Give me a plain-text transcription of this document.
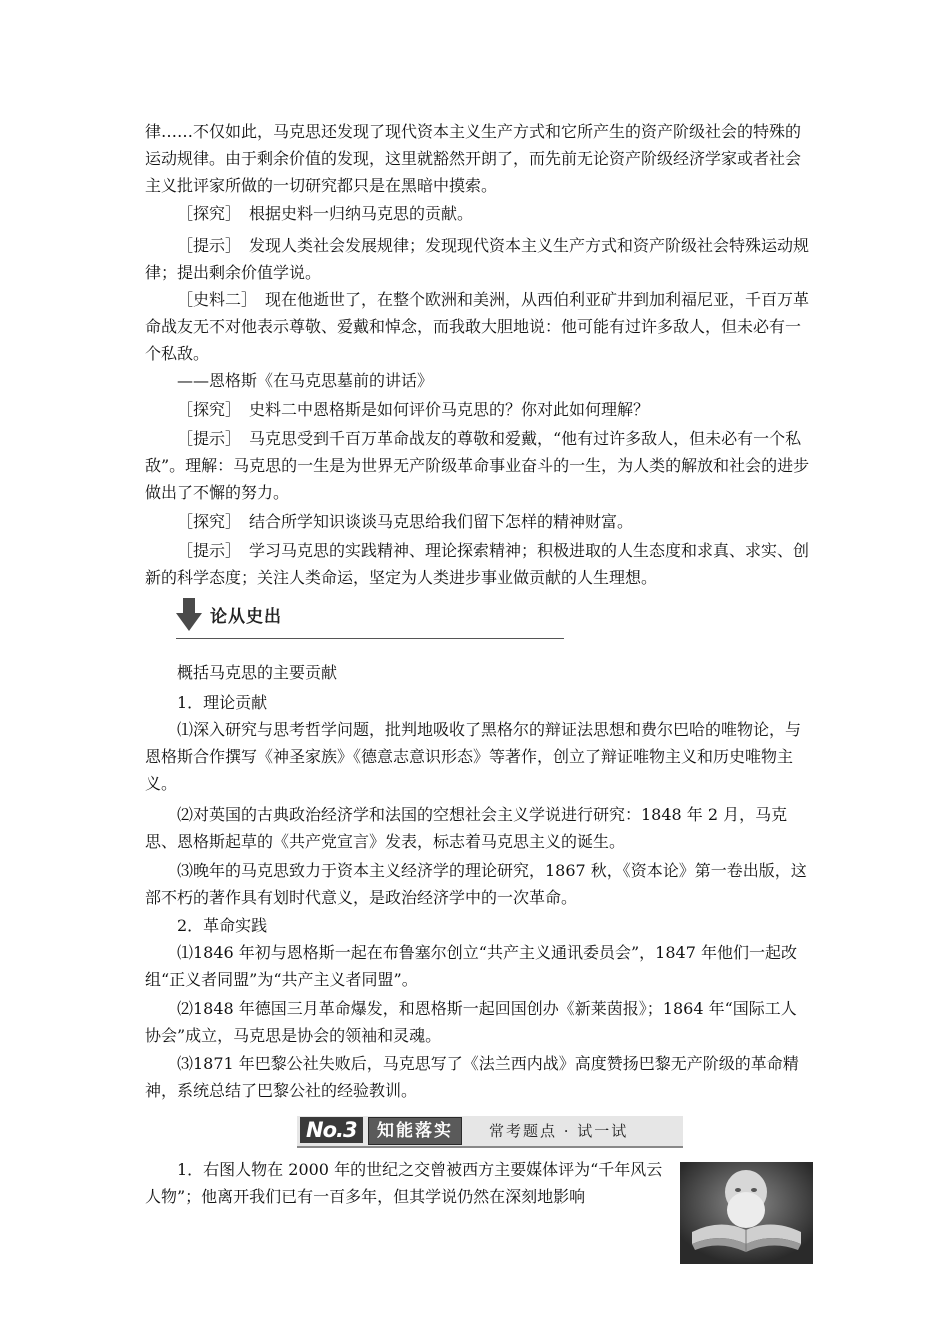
律……不仅如此，马克思还发现了现代资本主义生产方式和它所产生的资产阶级社会的特殊的运动规律。由于剩余价值的发现，这里就豁然开朗了，而先前无论资产阶级经济学家或者社会主义批评家所做的一切研究都只是在黑暗中摸索。

［探究］　根据史料一归纳马克思的贡献。

［提示］　发现人类社会发展规律；发现现代资本主义生产方式和资产阶级社会特殊运动规律；提出剩余价值学说。

［史料二］　现在他逝世了，在整个欧洲和美洲，从西伯利亚矿井到加利福尼亚，千百万革命战友无不对他表示尊敬、爱戴和悼念，而我敢大胆地说：他可能有过许多敌人，但未必有一个私敌。

——恩格斯《在马克思墓前的讲话》

［探究］　史料二中恩格斯是如何评价马克思的？你对此如何理解？

［提示］　马克思受到千百万革命战友的尊敬和爱戴，“他有过许多敌人，但未必有一个私敌”。理解：马克思的一生是为世界无产阶级革命事业奋斗的一生，为人类的解放和社会的进步做出了不懈的努力。

［探究］　结合所学知识谈谈马克思给我们留下怎样的精神财富。

［提示］　学习马克思的实践精神、理论探索精神；积极进取的人生态度和求真、求实、创新的科学态度；关注人类命运，坚定为人类进步事业做贡献的人生理想。

论从史出

概括马克思的主要贡献

1．理论贡献

⑴深入研究与思考哲学问题，批判地吸收了黑格尔的辩证法思想和费尔巴哈的唯物论，与恩格斯合作撰写《神圣家族》《德意志意识形态》等著作，创立了辩证唯物主义和历史唯物主义。

⑵对英国的古典政治经济学和法国的空想社会主义学说进行研究：1848 年 2 月，马克思、恩格斯起草的《共产党宣言》发表，标志着马克思主义的诞生。

⑶晚年的马克思致力于资本主义经济学的理论研究，1867 秋，《资本论》第一卷出版，这部不朽的著作具有划时代意义，是政治经济学中的一次革命。

2．革命实践

⑴1846 年初与恩格斯一起在布鲁塞尔创立“共产主义通讯委员会”，1847 年他们一起改组“正义者同盟”为“共产主义者同盟”。

⑵1848 年德国三月革命爆发，和恩格斯一起回国创办《新莱茵报》；1864 年“国际工人协会”成立，马克思是协会的领袖和灵魂。

⑶1871 年巴黎公社失败后，马克思写了《法兰西内战》高度赞扬巴黎无产阶级的革命精神，系统总结了巴黎公社的经验教训。

No.3	知能落实	常考题点 · 试一试

1．右图人物在 2000 年的世纪之交曾被西方主要媒体评为“千年风云人物”；他离开我们已有一百多年，但其学说仍然在深刻地影响
